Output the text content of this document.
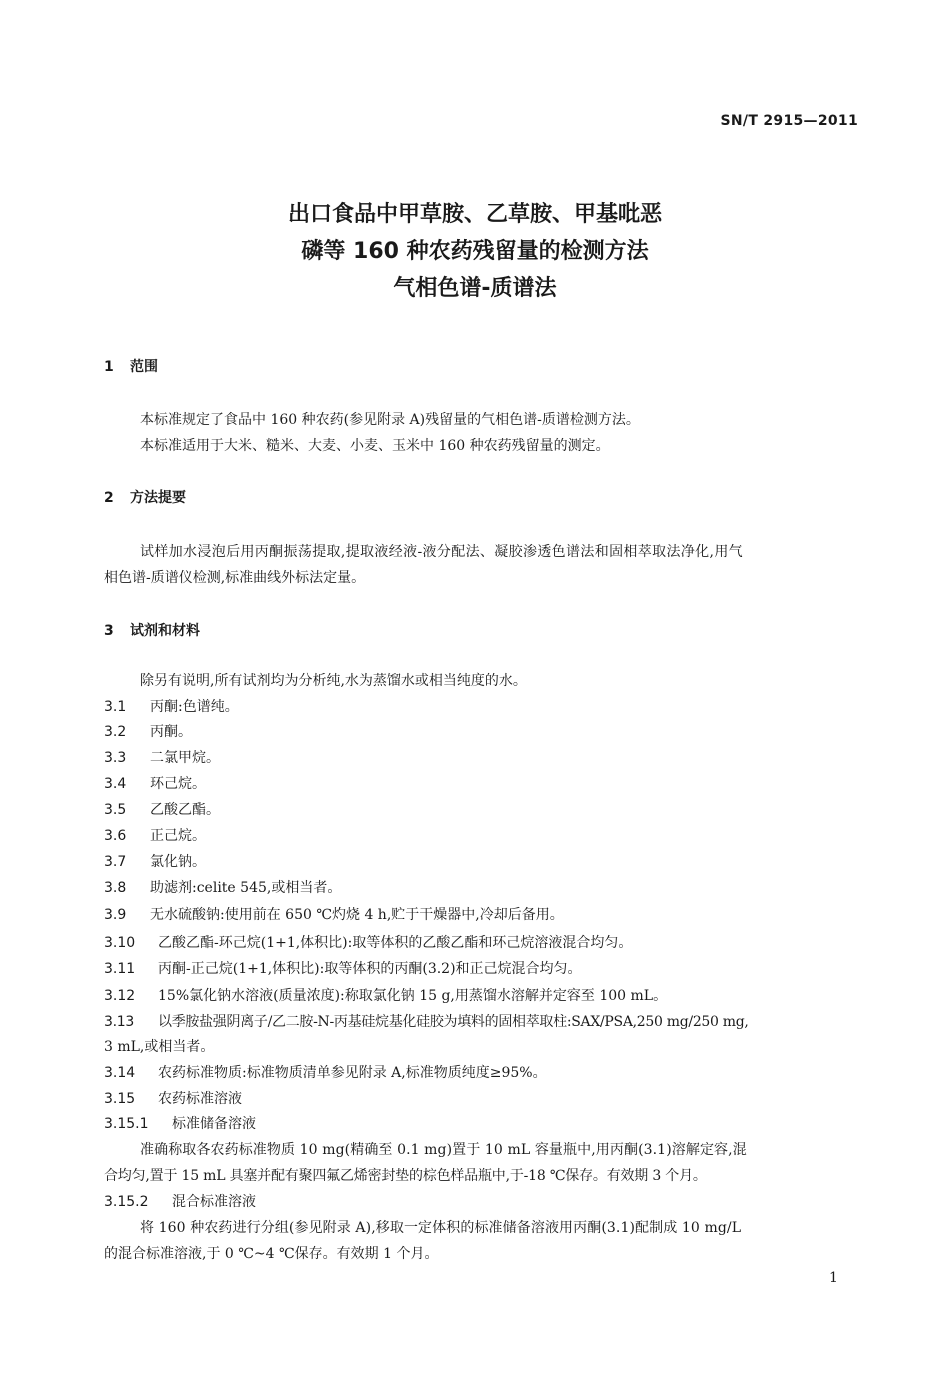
SN/T 2915—2011
出口食品中甲草胺、乙草胺、甲基吡恶
磷等 160 种农药残留量的检测方法
气相色谱-质谱法
1 范围
本标准规定了食品中 160 种农药(参见附录 A)残留量的气相色谱-质谱检测方法。
本标准适用于大米、糙米、大麦、小麦、玉米中 160 种农药残留量的测定。
2 方法提要
试样加水浸泡后用丙酮振荡提取,提取液经液-液分配法、凝胶渗透色谱法和固相萃取法净化,用气
相色谱-质谱仪检测,标准曲线外标法定量。
3 试剂和材料
除另有说明,所有试剂均为分析纯,水为蒸馏水或相当纯度的水。
3.1 丙酮:色谱纯。
3.2 丙酮。
3.3 二氯甲烷。
3.4 环己烷。
3.5 乙酸乙酯。
3.6 正己烷。
3.7 氯化钠。
3.8 助滤剂:celite 545,或相当者。
3.9 无水硫酸钠:使用前在 650 ℃灼烧 4 h,贮于干燥器中,冷却后备用。
3.10 乙酸乙酯-环己烷(1+1,体积比):取等体积的乙酸乙酯和环己烷溶液混合均匀。
3.11 丙酮-正己烷(1+1,体积比):取等体积的丙酮(3.2)和正己烷混合均匀。
3.12 15%氯化钠水溶液(质量浓度):称取氯化钠 15 g,用蒸馏水溶解并定容至 100 mL。
3.13 以季胺盐强阴离子/乙二胺-N-丙基硅烷基化硅胶为填料的固相萃取柱:SAX/PSA,250 mg/250 mg,
3 mL,或相当者。
3.14 农药标准物质:标准物质清单参见附录 A,标准物质纯度≥95%。
3.15 农药标准溶液
3.15.1 标准储备溶液
准确称取各农药标准物质 10 mg(精确至 0.1 mg)置于 10 mL 容量瓶中,用丙酮(3.1)溶解定容,混
合均匀,置于 15 mL 具塞并配有聚四氟乙烯密封垫的棕色样品瓶中,于-18 ℃保存。有效期 3 个月。
3.15.2 混合标准溶液
将 160 种农药进行分组(参见附录 A),移取一定体积的标准储备溶液用丙酮(3.1)配制成 10 mg/L
的混合标准溶液,于 0 ℃~4 ℃保存。有效期 1 个月。
1
